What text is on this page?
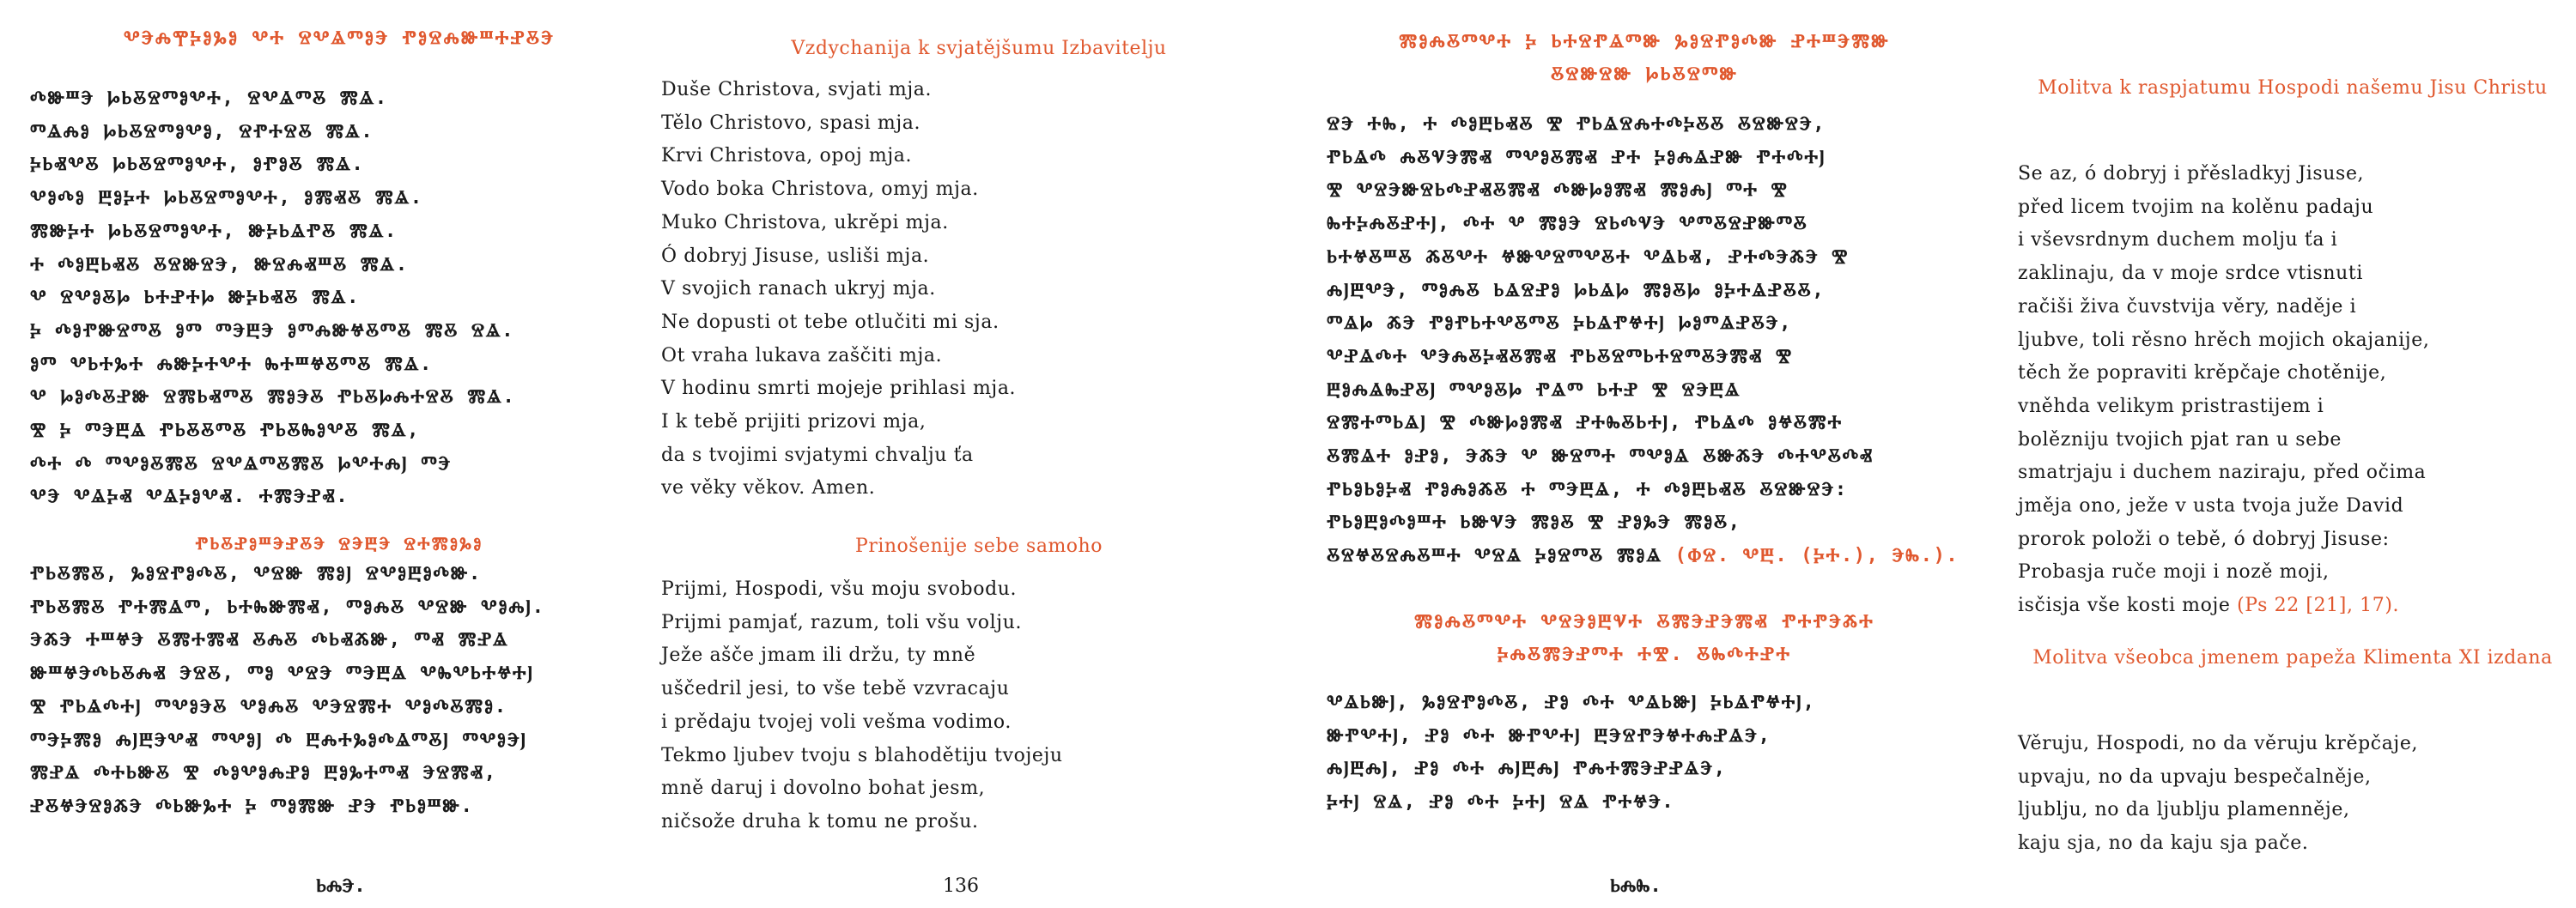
ⰂⰅⰎⰉⰍⰑⰃⰑ ⰂⰀ ⰔⰂⰡⰕⰑⰅ ⰒⰑⰔⰎⰖⰞⰀⰐⰋⰅ
ⰄⰖⰞⰅ ⰘⰓⰋⰔⰕⰑⰂⰀ, ⰔⰂⰡⰕⰋ ⰏⰡ.
ⰕⰡⰎⰑ ⰘⰓⰋⰔⰕⰑⰂⰑ, ⰔⰒⰀⰔⰋ ⰏⰡ.
ⰍⰓⰟⰂⰋ ⰘⰓⰋⰔⰕⰑⰂⰀ, ⰑⰒⰑⰋ ⰏⰡ.
ⰂⰑⰄⰑ ⰁⰑⰍⰀ ⰘⰓⰋⰔⰕⰑⰂⰀ, ⰑⰏⰟⰋ ⰏⰡ.
ⰏⰖⰍⰀ ⰘⰓⰋⰔⰕⰑⰂⰀ, ⰖⰍⰓⰡⰒⰋ ⰏⰡ.
Ⰰ ⰄⰑⰁⰓⰟⰋ ⰋⰔⰖⰔⰅ, ⰖⰔⰎⰟⰞⰋ ⰏⰡ.
Ⰲ ⰔⰂⰑⰋⰘ ⰓⰀⰐⰀⰘ ⰖⰍⰓⰟⰋ ⰏⰡ.
Ⰽ ⰄⰑⰒⰖⰔⰕⰋ ⰑⰕ ⰕⰅⰁⰅ ⰑⰕⰎⰖⰝⰋⰕⰋ ⰏⰋ ⰔⰡ.
ⰑⰕ ⰂⰓⰀⰃⰀ ⰎⰖⰍⰀⰂⰀ ⰈⰀⰞⰝⰋⰕⰋ ⰏⰡ.
Ⰲ ⰘⰑⰄⰋⰐⰖ ⰔⰏⰓⰟⰕⰋ ⰏⰑⰅⰋ ⰒⰓⰋⰘⰎⰀⰔⰋ ⰏⰡ.
Ⰺ Ⰽ ⰕⰅⰁⰡ ⰒⰓⰋⰋⰕⰋ ⰒⰓⰋⰈⰑⰂⰋ ⰏⰡ,
ⰄⰀ Ⰴ ⰕⰂⰑⰋⰏⰋ ⰔⰂⰡⰕⰋⰏⰋ ⰘⰂⰀⰎⰬ ⰕⰅ
ⰂⰅ ⰂⰡⰍⰟ ⰂⰡⰍⰑⰂⰟ. ⰀⰏⰅⰐⰟ.
ⰒⰓⰋⰐⰑⰞⰅⰐⰋⰅ ⰔⰅⰁⰅ ⰔⰀⰏⰑⰃⰑ
ⰒⰓⰋⰏⰋ, ⰃⰑⰔⰒⰑⰄⰋ, ⰂⰔⰖ ⰏⰑⰬ ⰔⰂⰑⰁⰑⰄⰖ.
ⰒⰓⰋⰏⰋ ⰒⰀⰏⰡⰕ, ⰓⰀⰈⰖⰏⰟ, ⰕⰑⰎⰋ ⰂⰔⰖ ⰂⰑⰎⰬ.
ⰅⰆⰅ ⰀⰞⰝⰅ ⰋⰏⰀⰏⰟ ⰋⰎⰋ ⰄⰓⰟⰆⰖ, ⰕⰟ ⰏⰐⰡ
ⰖⰞⰝⰅⰄⰓⰋⰎⰟ ⰅⰔⰋ, ⰕⰑ ⰂⰔⰅ ⰕⰅⰁⰡ ⰂⰈⰂⰓⰀⰝⰀⰬ
Ⰺ ⰒⰓⰡⰄⰀⰬ ⰕⰂⰑⰅⰋ ⰂⰑⰎⰋ ⰂⰅⰔⰏⰀ ⰂⰑⰄⰋⰏⰑ.
ⰕⰅⰍⰏⰑ ⰎⰬⰁⰅⰂⰟ ⰕⰂⰑⰬ Ⰴ ⰁⰎⰀⰃⰑⰄⰡⰕⰋⰬ ⰕⰂⰑⰅⰬ
ⰏⰐⰡ ⰄⰀⰓⰖⰋ Ⰺ ⰄⰑⰂⰑⰎⰐⰑ ⰁⰑⰃⰀⰕⰟ ⰅⰔⰏⰟ,
ⰐⰋⰝⰅⰔⰑⰆⰅ ⰄⰓⰖⰃⰀ Ⰽ ⰕⰑⰏⰖ ⰐⰅ ⰒⰓⰑⰞⰖ.
ⰓⰎⰅ.
Vzdychanija k svjatějšumu Izbavitelju
Duše Christova, svjati mja.
Tělo Christovo, spasi mja.
Krvi Christova, opoj mja.
Vodo boka Christova, omyj mja.
Muko Christova, ukrěpi mja.
Ó dobryj Jisuse, usliši mja.
V svojich ranach ukryj mja.
Ne dopusti ot tebe otlučiti mi sja.
Ot vraha lukava zaščiti mja.
V hodinu smrti mojeje prihlasi mja.
I k tebě prijiti prizovi mja,
da s tvojimi svjatymi chvalju ťa
ve věky věkov. Amen.
Prinošenije sebe samoho
Prijmi, Hospodi, všu moju svobodu.
Prijmi pamjať, razum, toli všu volju.
Ježe ašče jmam ili držu, ty mně
uščedril jesi, to vše tebě vzvracaju
i prědaju tvojej voli vešma vodimo.
Tekmo ljubev tvoju s blahodětiju tvojeju
mně daruj i dovolno bohat jesm,
ničsože druha k tomu ne prošu.
136
ⰏⰑⰎⰋⰕⰂⰀ Ⰽ ⰓⰀⰔⰒⰡⰕⰖ ⰃⰑⰔⰒⰑⰄⰖ ⰐⰀⰞⰅⰏⰖ ⰋⰔⰖⰔⰖ ⰘⰓⰋⰔⰕⰖ
ⰔⰅ ⰀⰈ, Ⰰ ⰄⰑⰁⰓⰟⰋ Ⰺ ⰒⰓⰡⰔⰎⰀⰄⰍⰋⰋ ⰋⰔⰖⰔⰅ,
ⰒⰓⰡⰄ ⰎⰋⰜⰅⰏⰟ ⰕⰂⰑⰋⰏⰟ ⰐⰀ ⰍⰑⰎⰡⰐⰖ ⰒⰀⰄⰀⰬ
Ⰺ ⰂⰔⰅⰖⰔⰓⰄⰐⰟⰋⰏⰟ ⰄⰖⰘⰑⰏⰟ ⰏⰑⰎⰬ ⰕⰀ Ⰺ
ⰈⰀⰍⰎⰋⰐⰀⰬ, ⰄⰀ Ⰲ ⰏⰑⰅ ⰔⰓⰄⰜⰅ ⰂⰕⰋⰔⰐⰖⰕⰋ
ⰓⰀⰝⰋⰞⰋ ⰆⰋⰂⰀ ⰝⰖⰂⰔⰕⰂⰋⰀ ⰂⰡⰓⰟ, ⰐⰀⰄⰅⰆⰅ Ⰺ
ⰎⰬⰁⰂⰅ, ⰕⰑⰎⰋ ⰓⰡⰔⰐⰑ ⰘⰓⰡⰘ ⰏⰑⰋⰘ ⰑⰍⰀⰡⰐⰋⰋ,
ⰕⰡⰘ ⰆⰅ ⰒⰑⰒⰓⰀⰂⰋⰕⰋ ⰍⰓⰡⰒⰝⰀⰬ ⰘⰑⰕⰡⰐⰋⰅ,
ⰂⰐⰡⰄⰀ ⰂⰅⰎⰋⰍⰟⰋⰏⰟ ⰒⰓⰋⰔⰕⰓⰀⰔⰕⰋⰅⰏⰟ Ⰺ
ⰁⰑⰎⰡⰈⰐⰋⰬ ⰕⰂⰑⰋⰘ ⰒⰡⰕ ⰓⰀⰐ Ⰺ ⰔⰅⰁⰡ
ⰔⰏⰀⰕⰓⰡⰬ Ⰺ ⰄⰖⰘⰑⰏⰟ ⰐⰀⰈⰋⰓⰀⰬ, ⰒⰓⰡⰄ ⰑⰝⰋⰏⰀ
ⰋⰏⰡⰀ ⰑⰐⰑ, ⰅⰆⰅ Ⰲ ⰖⰔⰕⰀ ⰕⰂⰑⰡ ⰋⰖⰆⰅ ⰄⰀⰂⰋⰄⰟ
ⰒⰓⰑⰓⰑⰍⰟ ⰒⰑⰎⰑⰆⰋ Ⰰ ⰕⰅⰁⰡ, Ⰰ ⰄⰑⰁⰓⰟⰋ ⰋⰔⰖⰔⰅ:
ⰒⰓⰑⰁⰑⰄⰑⰞⰀ ⰓⰖⰜⰅ ⰏⰑⰋ Ⰺ ⰐⰑⰃⰅ ⰏⰑⰋ,
ⰋⰔⰝⰋⰔⰎⰋⰞⰀ ⰂⰔⰡ ⰍⰑⰔⰕⰋ ⰏⰑⰡ (ⰗⰔ. ⰂⰁ. (ⰍⰀ.), ⰅⰈ.).
ⰏⰑⰎⰋⰕⰂⰀ ⰂⰔⰅⰑⰁⰜⰀ ⰋⰏⰅⰐⰅⰏⰟ ⰒⰀⰒⰅⰆⰀ ⰍⰎⰋⰏⰅⰐⰕⰀ ⰀⰊ. ⰋⰈⰄⰀⰐⰀ
ⰂⰡⰓⰖⰬ, ⰃⰑⰔⰒⰑⰄⰋ, ⰐⰑ ⰄⰀ ⰂⰡⰓⰖⰬ ⰍⰓⰡⰒⰝⰀⰬ,
ⰖⰒⰂⰀⰬ, ⰐⰑ ⰄⰀ ⰖⰒⰂⰀⰬ ⰁⰅⰔⰒⰅⰝⰀⰎⰐⰡⰅ,
ⰎⰬⰁⰎⰬ, ⰐⰑ ⰄⰀ ⰎⰬⰁⰎⰬ ⰒⰎⰀⰏⰅⰐⰐⰡⰅ,
ⰍⰀⰬ ⰔⰡ, ⰐⰑ ⰄⰀ ⰍⰀⰬ ⰔⰡ ⰒⰀⰝⰅ.
ⰓⰎⰈ.
Molitva k raspjatumu Hospodi našemu Jisu Christu
Se az, ó dobryj i přěsladkyj Jisuse,
před licem tvojim na kolěnu padaju
i vševsrdnym duchem molju ťa i
zaklinaju, da v moje srdce vtisnuti
račiši živa čuvstvija věry, naděje i
ljubve, toli rěsno hrěch mojich okajanije,
těch že popraviti krěpčaje chotěnije,
vněhda velikym pristrastijem i
bolězniju tvojich pjat ran u sebe
smatrjaju i duchem naziraju, před očima
jměja ono, ježe v usta tvoja juže David
prorok položi o tebě, ó dobryj Jisuse:
Probasja ruče moji i nozě moji,
isčisja vše kosti moje (Ps 22 [21], 17).
Molitva všeobca jmenem papeža Klimenta XI izdana
Věruju, Hospodi, no da věruju krěpčaje,
upvaju, no da upvaju bespečalněje,
ljublju, no da ljublju plamenněje,
kaju sja, no da kaju sja pače.
